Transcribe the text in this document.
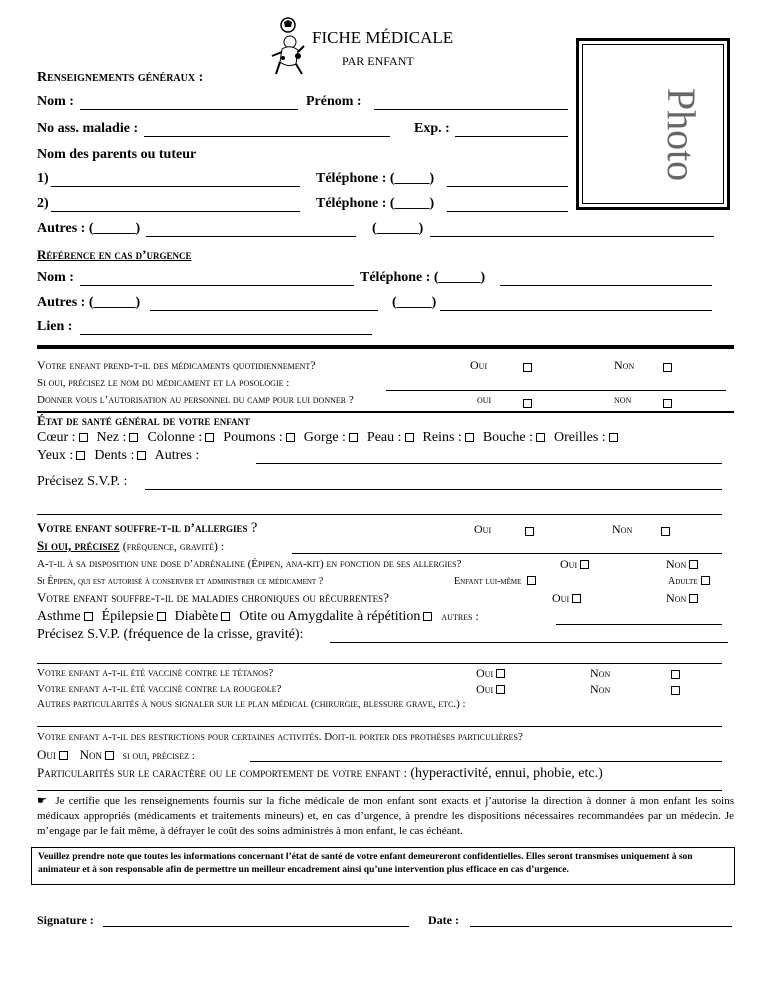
FICHE MÉDICALE
PAR ENFANT
Photo
Renseignements généraux :
Nom :	Prénom :
No ass. maladie :	Exp. :
Nom des parents ou tuteur
1)	Téléphone : (_____)
2)	Téléphone : (_____)
Autres : (______)	(______)
Référence en cas d’urgence
Nom :	Téléphone : (______)
Autres : (______)	(_____)
Lien :
Votre enfant prend-t-il des médicaments quotidiennement?	Oui	Non
Si oui, précisez le nom du médicament et la posologie :
Donner vous l’autorisation au personnel du camp pour lui donner ?	oui	non
État de santé général de votre enfant
Cœur : Nez : Colonne : Poumons : Gorge : Peau : Reins : Bouche : Oreilles :
Yeux : Dents : Autres :
Précisez S.V.P. :
Votre enfant souffre-t-il d’allergies ?	Oui	Non
Si oui, précisez (fréquence, gravité) :
A-t-il à sa disposition une dose d’adrénaline (Épipen, ana-kit) en fonction de ses allergies?	Oui	Non
Si Épipen, qui est autorisé à conserver et administrer ce médicament ?	Enfant lui-même	Adulte
Votre enfant souffre-t-il de maladies chroniques ou récurrentes?	Oui	Non
Asthme Épilepsie Diabète Otite ou Amygdalite à répétition autres :
Précisez S.V.P. (fréquence de la crisse, gravité):
Votre enfant a-t-il été vacciné contre le tétanos?	Oui	Non
Votre enfant a-t-il été vacciné contre la rougeole?	Oui	Non
Autres particularités à nous signaler sur le plan médical (chirurgie, blessure grave, etc.) :
Votre enfant a-t-il des restrictions pour certaines activités. Doit-il porter des prothèses particulières?
Oui Non si oui, précisez :
Particularités sur le caractère ou le comportement de votre enfant : (hyperactivité, ennui, phobie, etc.)
☛ Je certifie que les renseignements fournis sur la fiche médicale de mon enfant sont exacts et j’autorise la direction à donner à mon enfant les soins médicaux appropriés (médicaments et traitements mineurs) et, en cas d’urgence, à prendre les dispositions nécessaires recommandées par un médecin. Je m’engage par le fait même, à défrayer le coût des soins administrés à mon enfant, le cas échéant.
Veuillez prendre note que toutes les informations concernant l’état de santé de votre enfant demeureront confidentielles. Elles seront transmises uniquement à son animateur et à son responsable afin de permettre un meilleur encadrement ainsi qu’une intervention plus efficace en cas d’urgence.
Signature :	Date :
